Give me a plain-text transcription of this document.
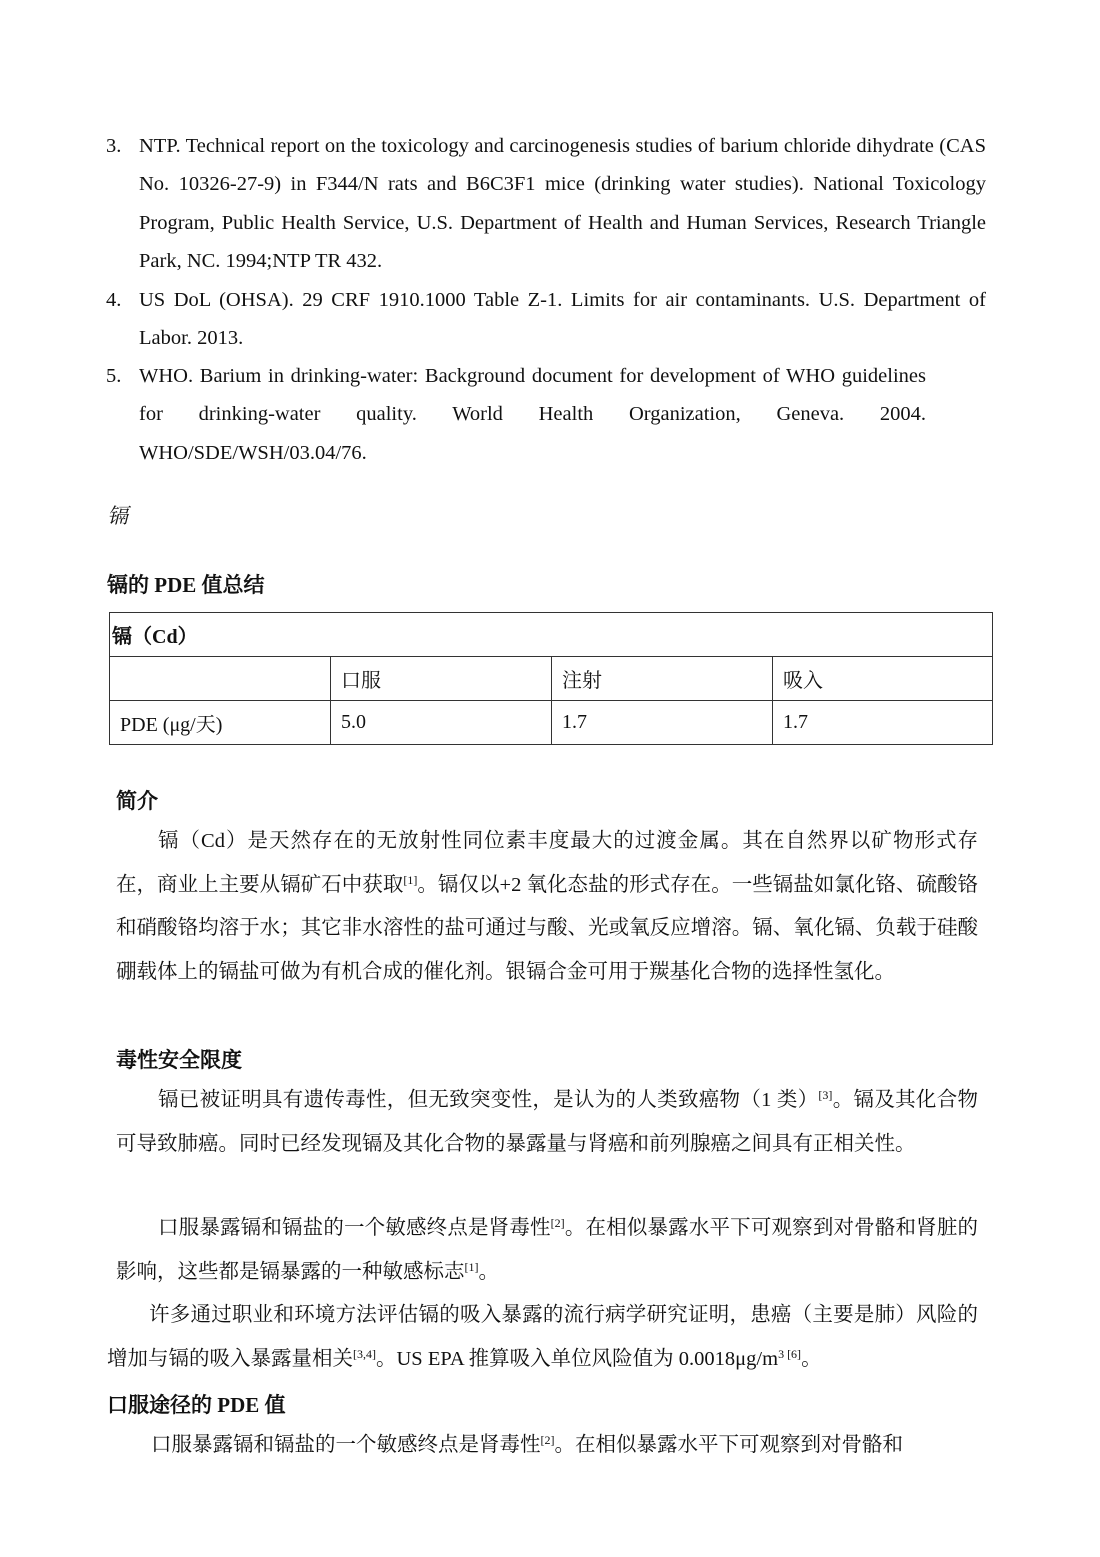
3. NTP. Technical report on the toxicology and carcinogenesis studies of barium chloride dihydrate (CAS No. 10326-27-9) in F344/N rats and B6C3F1 mice (drinking water studies). National Toxicology Program, Public Health Service, U.S. Department of Health and Human Services, Research Triangle Park, NC. 1994;NTP TR 432.
4. US DoL (OHSA). 29 CRF 1910.1000 Table Z-1. Limits for air contaminants. U.S. Department of Labor. 2013.
5. WHO. Barium in drinking-water: Background document for development of WHO guidelines for drinking-water quality. World Health Organization, Geneva. 2004. WHO/SDE/WSH/03.04/76.
镉
镉的 PDE 值总结
镉（Cd）			
	口服	注射	吸入
PDE (μg/天)	5.0	1.7	1.7
简介
镉（Cd）是天然存在的无放射性同位素丰度最大的过渡金属。其在自然界以矿物形式存在，商业上主要从镉矿石中获取[1]。镉仅以+2 氧化态盐的形式存在。一些镉盐如氯化铬、硫酸铬和硝酸铬均溶于水；其它非水溶性的盐可通过与酸、光或氧反应增溶。镉、氧化镉、负载于硅酸硼载体上的镉盐可做为有机合成的催化剂。银镉合金可用于羰基化合物的选择性氢化。
毒性安全限度
镉已被证明具有遗传毒性，但无致突变性，是认为的人类致癌物（1 类）[3]。镉及其化合物可导致肺癌。同时已经发现镉及其化合物的暴露量与肾癌和前列腺癌之间具有正相关性。
口服暴露镉和镉盐的一个敏感终点是肾毒性[2]。在相似暴露水平下可观察到对骨骼和肾脏的影响，这些都是镉暴露的一种敏感标志[1]。
许多通过职业和环境方法评估镉的吸入暴露的流行病学研究证明，患癌（主要是肺）风险的增加与镉的吸入暴露量相关[3,4]。US EPA 推算吸入单位风险值为 $0.0018\mu g/m^3$ [6]。
口服途径的 PDE 值
口服暴露镉和镉盐的一个敏感终点是肾毒性[2]。在相似暴露水平下可观察到对骨骼和
